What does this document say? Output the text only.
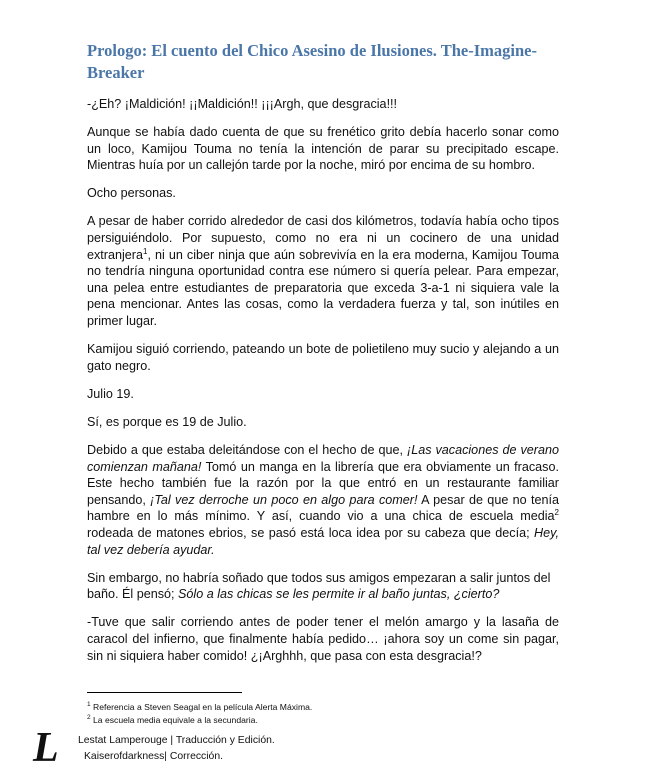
Prologo: El cuento del Chico Asesino de Ilusiones. The-Imagine-Breaker

-¿Eh? ¡Maldición! ¡¡Maldición!! ¡¡¡Argh, que desgracia!!!

Aunque se había dado cuenta de que su frenético grito debía hacerlo sonar como un loco, Kamijou Touma no tenía la intención de parar su precipitado escape. Mientras huía por un callejón tarde por la noche, miró por encima de su hombro.

Ocho personas.

A pesar de haber corrido alrededor de casi dos kilómetros, todavía había ocho tipos persiguiéndolo. Por supuesto, como no era ni un cocinero de una unidad extranjera$^1$, ni un ciber ninja que aún sobrevivía en la era moderna, Kamijou Touma no tendría ninguna oportunidad contra ese número si quería pelear. Para empezar, una pelea entre estudiantes de preparatoria que exceda 3-a-1 ni siquiera vale la pena mencionar. Antes las cosas, como la verdadera fuerza y tal, son inútiles en primer lugar.

Kamijou siguió corriendo, pateando un bote de polietileno muy sucio y alejando a un gato negro.

Julio 19.

Sí, es porque es 19 de Julio.

Debido a que estaba deleitándose con el hecho de que, ¡Las vacaciones de verano comienzan mañana! Tomó un manga en la librería que era obviamente un fracaso. Este hecho también fue la razón por la que entró en un restaurante familiar pensando, ¡Tal vez derroche un poco en algo para comer! A pesar de que no tenía hambre en lo más mínimo. Y así, cuando vio a una chica de escuela media$^2$ rodeada de matones ebrios, se pasó está loca idea por su cabeza que decía; Hey, tal vez debería ayudar.

Sin embargo, no habría soñado que todos sus amigos empezaran a salir juntos del baño. Él pensó; Sólo a las chicas se les permite ir al baño juntas, ¿cierto?

-Tuve que salir corriendo antes de poder tener el melón amargo y la lasaña de caracol del infierno, que finalmente había pedido… ¡ahora soy un come sin pagar, sin ni siquiera haber comido! ¿¡Arghhh, que pasa con esta desgracia!?

$^1$ Referencia a Steven Seagal en la película Alerta Máxima.
$^2$ La escuela media equivale a la secundaria.
L Lestat Lamperouge | Traducción y Edición.
Kaiserofdarkness| Corrección.
